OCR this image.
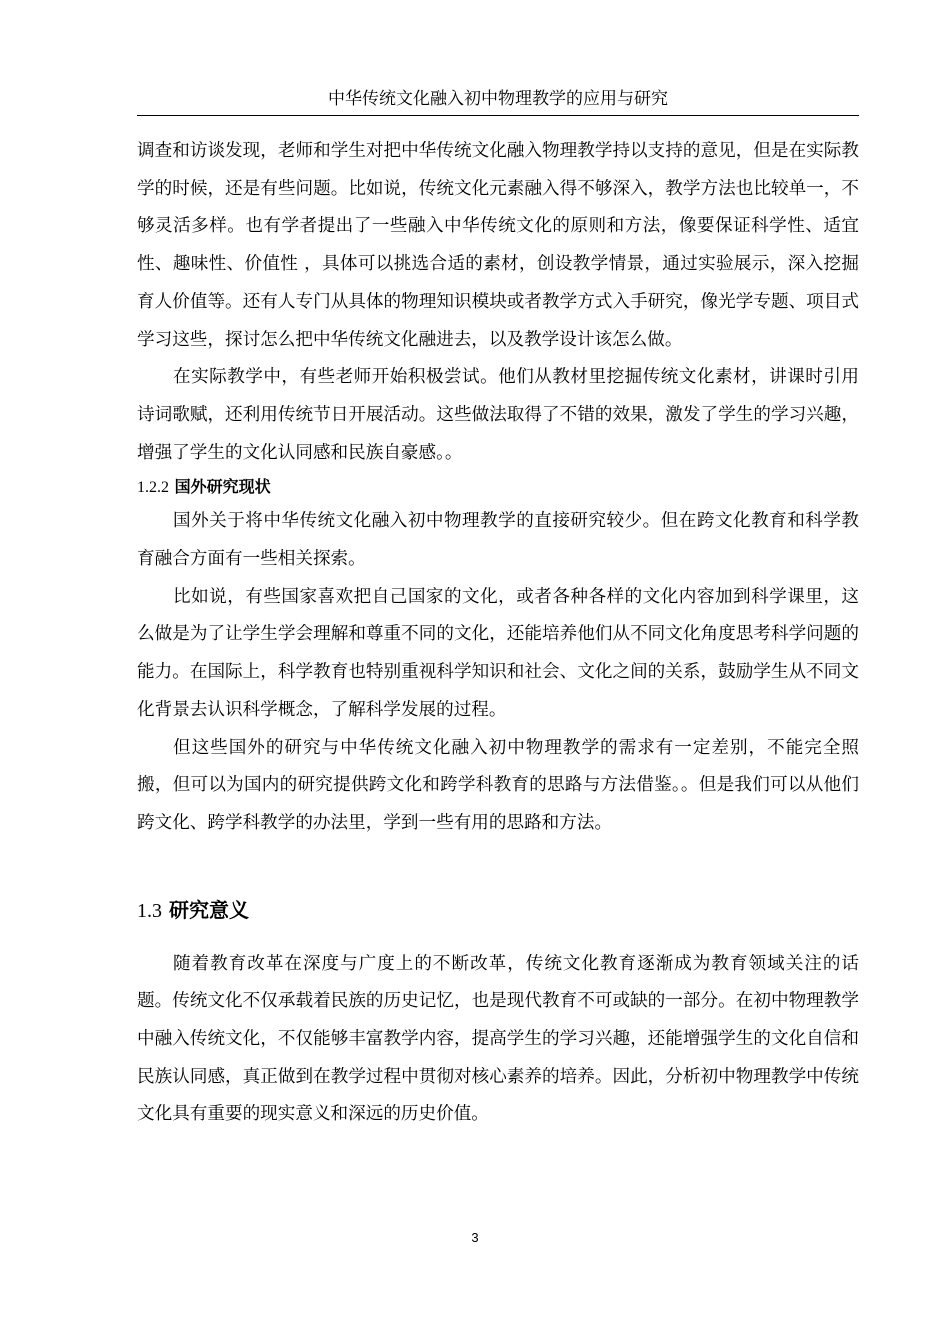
中华传统文化融入初中物理教学的应用与研究

调查和访谈发现，老师和学生对把中华传统文化融入物理教学持以支持的意见，但是在实际教学的时候，还是有些问题。比如说，传统文化元素融入得不够深入，教学方法也比较单一，不够灵活多样。也有学者提出了一些融入中华传统文化的原则和方法，像要保证科学性、适宜性、趣味性、价值性 ，具体可以挑选合适的素材，创设教学情景，通过实验展示，深入挖掘育人价值等。还有人专门从具体的物理知识模块或者教学方式入手研究，像光学专题、项目式学习这些，探讨怎么把中华传统文化融进去，以及教学设计该怎么做。

在实际教学中，有些老师开始积极尝试。他们从教材里挖掘传统文化素材，讲课时引用诗词歌赋，还利用传统节日开展活动。这些做法取得了不错的效果，激发了学生的学习兴趣，增强了学生的文化认同感和民族自豪感。。

1.2.2 国外研究现状

国外关于将中华传统文化融入初中物理教学的直接研究较少。但在跨文化教育和科学教育融合方面有一些相关探索。

比如说，有些国家喜欢把自己国家的文化，或者各种各样的文化内容加到科学课里，这么做是为了让学生学会理解和尊重不同的文化，还能培养他们从不同文化角度思考科学问题的能力。在国际上，科学教育也特别重视科学知识和社会、文化之间的关系，鼓励学生从不同文化背景去认识科学概念，了解科学发展的过程。

但这些国外的研究与中华传统文化融入初中物理教学的需求有一定差别，不能完全照搬，但可以为国内的研究提供跨文化和跨学科教育的思路与方法借鉴。。但是我们可以从他们跨文化、跨学科教学的办法里，学到一些有用的思路和方法。

1.3 研究意义

随着教育改革在深度与广度上的不断改革，传统文化教育逐渐成为教育领域关注的话题。传统文化不仅承载着民族的历史记忆，也是现代教育不可或缺的一部分。在初中物理教学中融入传统文化，不仅能够丰富教学内容，提高学生的学习兴趣，还能增强学生的文化自信和民族认同感，真正做到在教学过程中贯彻对核心素养的培养。因此，分析初中物理教学中传统文化具有重要的现实意义和深远的历史价值。

3
